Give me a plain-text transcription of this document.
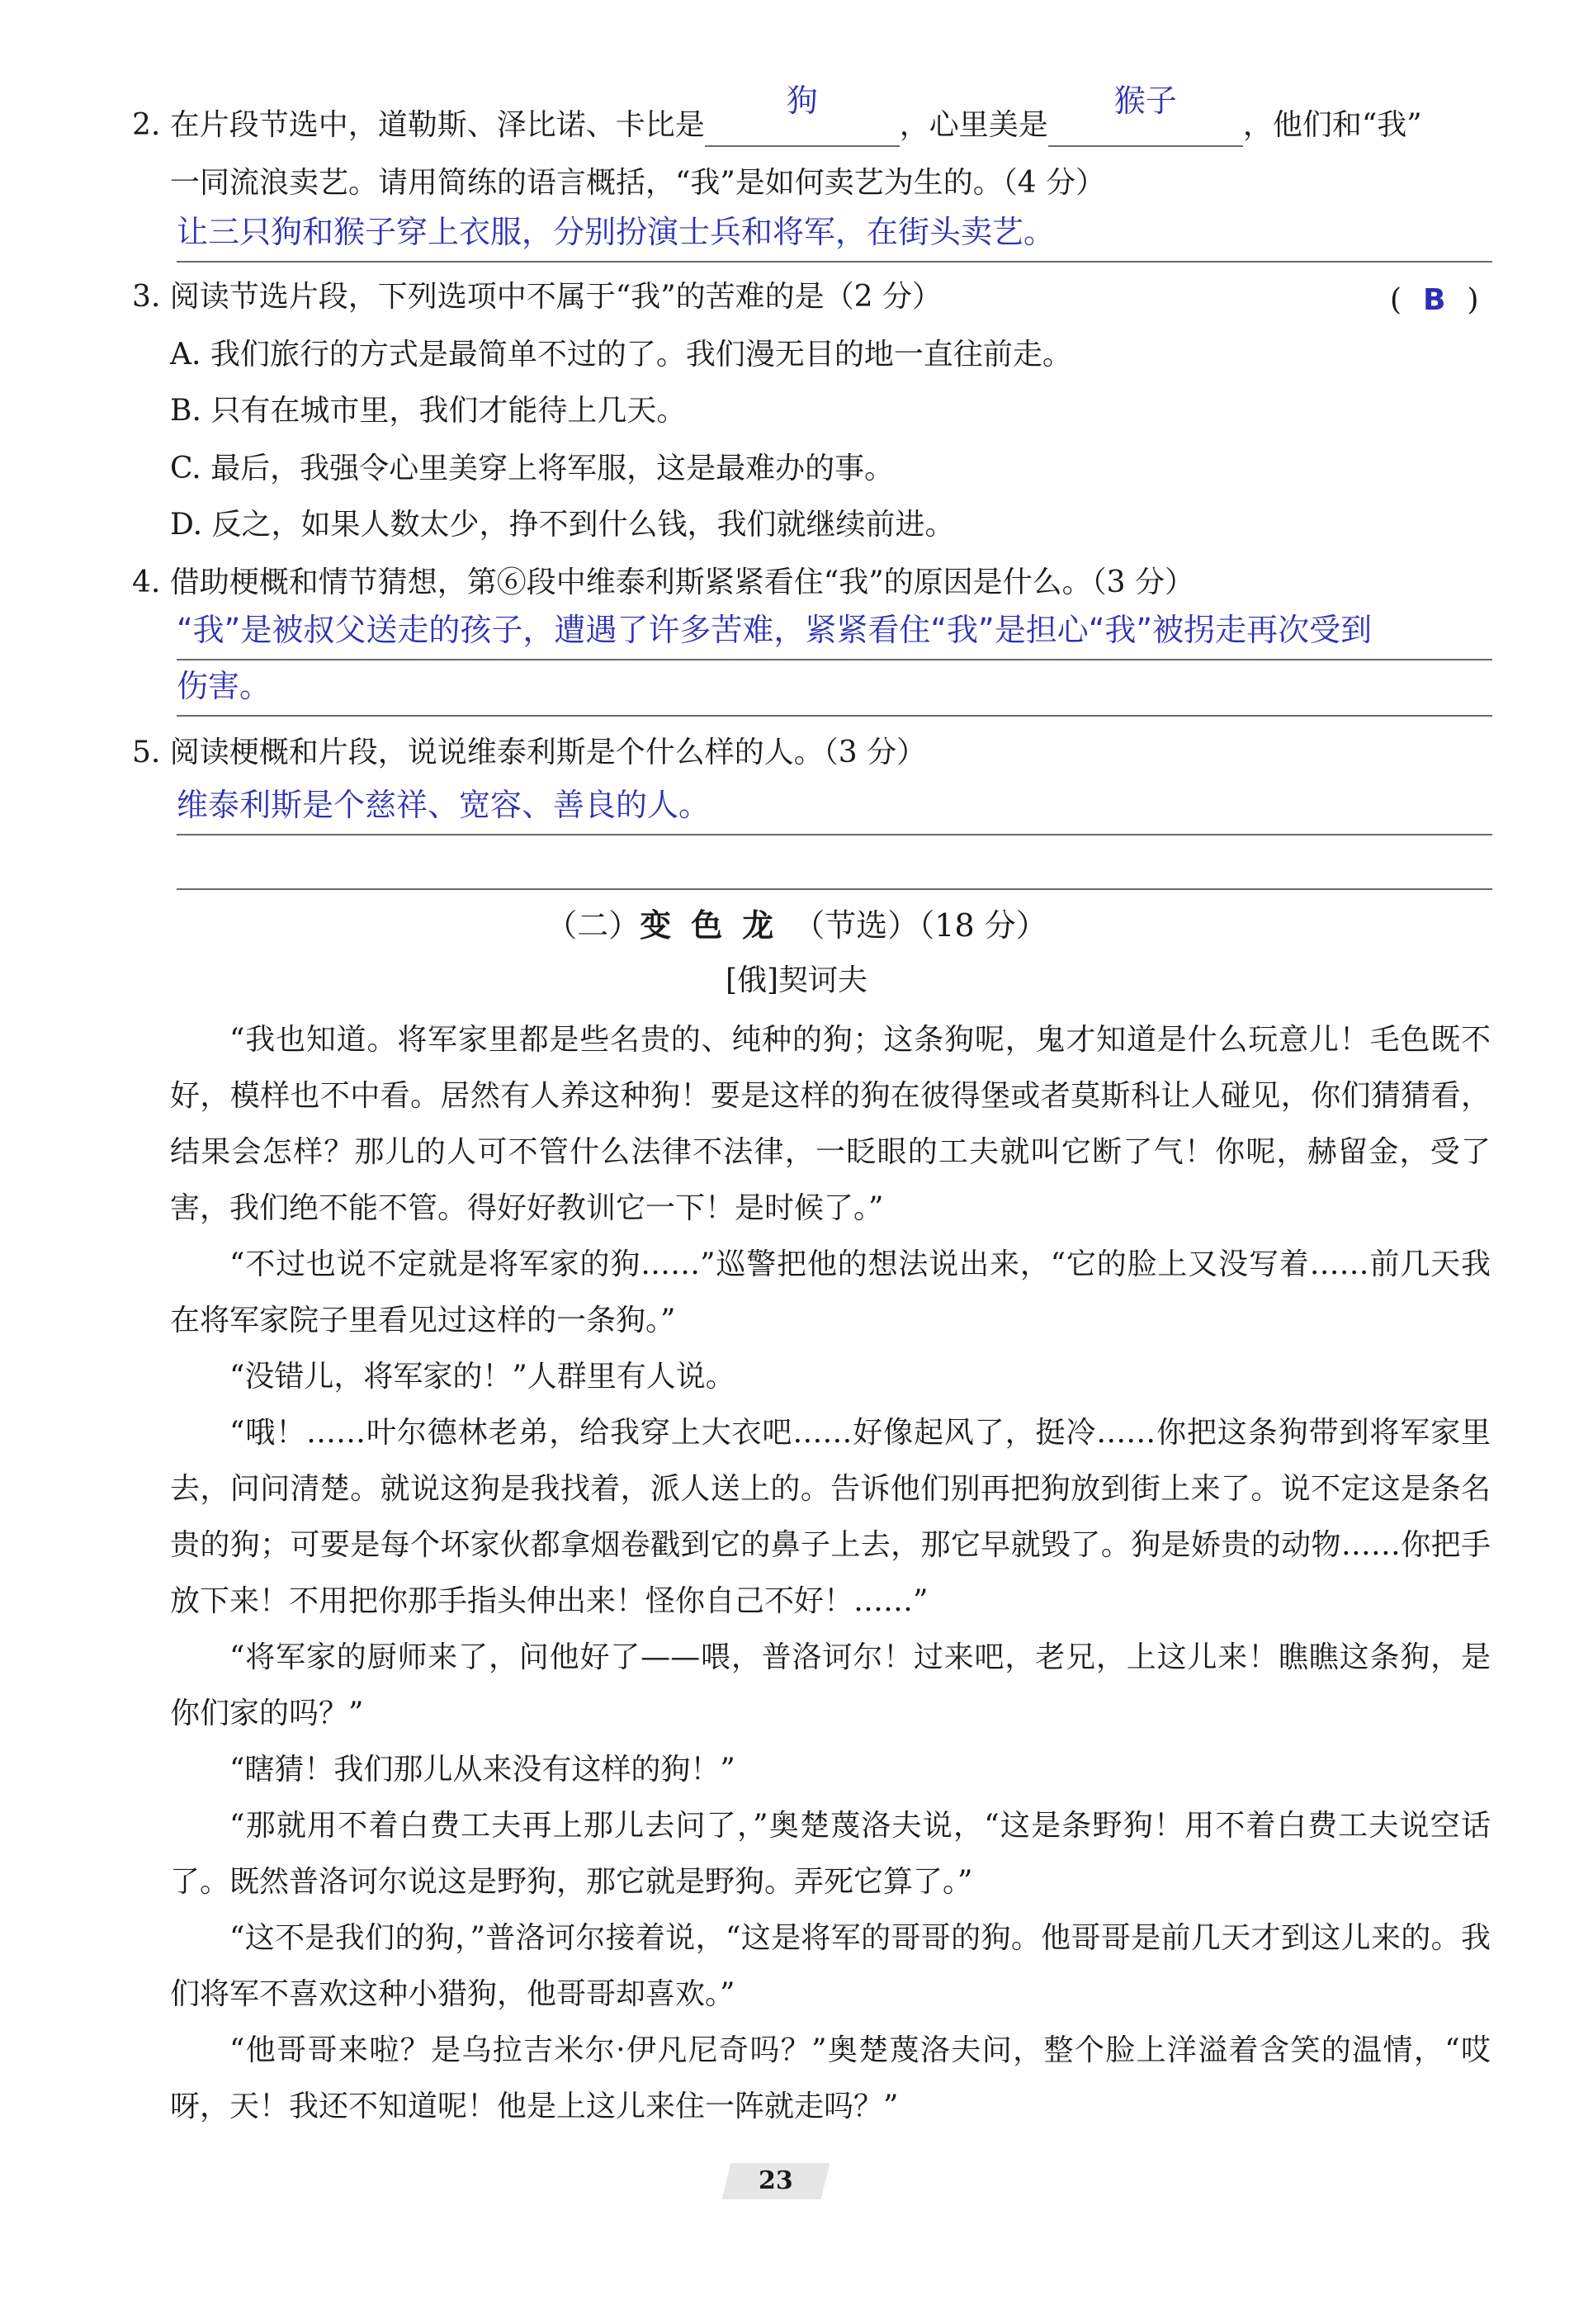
2. 在片段节选中，道勒斯、泽比诺、卡比是
狗
，心里美是
猴子
，他们和“我”
一同流浪卖艺。请用简练的语言概括，“我”是如何卖艺为生的。（4 分）
让三只狗和猴子穿上衣服，分别扮演士兵和将军，在街头卖艺。
3. 阅读节选片段，下列选项中不属于“我”的苦难的是（2 分）	( B )
A. 我们旅行的方式是最简单不过的了。我们漫无目的地一直往前走。
B. 只有在城市里，我们才能待上几天。
C. 最后，我强令心里美穿上将军服，这是最难办的事。
D. 反之，如果人数太少，挣不到什么钱，我们就继续前进。
4. 借助梗概和情节猜想，第⑥段中维泰利斯紧紧看住“我”的原因是什么。（3 分）
“我”是被叔父送走的孩子，遭遇了许多苦难，紧紧看住“我”是担心“我”被拐走再次受到
伤害。
5. 阅读梗概和片段，说说维泰利斯是个什么样的人。（3 分）
维泰利斯是个慈祥、宽容、善良的人。
（二）变色龙（节选）（18 分）
[俄]契诃夫

“我也知道。将军家里都是些名贵的、纯种的狗；这条狗呢，鬼才知道是什么玩意儿！毛色既不好，模样也不中看。居然有人养这种狗！要是这样的狗在彼得堡或者莫斯科让人碰见，你们猜猜看，结果会怎样？那儿的人可不管什么法律不法律，一眨眼的工夫就叫它断了气！你呢，赫留金，受了害，我们绝不能不管。得好好教训它一下！是时候了。”

“不过也说不定就是将军家的狗……”巡警把他的想法说出来，“它的脸上又没写着……前几天我在将军家院子里看见过这样的一条狗。”

“没错儿，将军家的！”人群里有人说。

“哦！……叶尔德林老弟，给我穿上大衣吧……好像起风了，挺冷……你把这条狗带到将军家里去，问问清楚。就说这狗是我找着，派人送上的。告诉他们别再把狗放到街上来了。说不定这是条名贵的狗；可要是每个坏家伙都拿烟卷戳到它的鼻子上去，那它早就毁了。狗是娇贵的动物……你把手放下来！不用把你那手指头伸出来！怪你自己不好！……”

“将军家的厨师来了，问他好了——喂，普洛诃尔！过来吧，老兄，上这儿来！瞧瞧这条狗，是你们家的吗？”

“瞎猜！我们那儿从来没有这样的狗！”

“那就用不着白费工夫再上那儿去问了，”奥楚蔑洛夫说，“这是条野狗！用不着白费工夫说空话了。既然普洛诃尔说这是野狗，那它就是野狗。弄死它算了。”

“这不是我们的狗，”普洛诃尔接着说，“这是将军的哥哥的狗。他哥哥是前几天才到这儿来的。我们将军不喜欢这种小猎狗，他哥哥却喜欢。”

“他哥哥来啦？是乌拉吉米尔·伊凡尼奇吗？”奥楚蔑洛夫问，整个脸上洋溢着含笑的温情，“哎呀，天！我还不知道呢！他是上这儿来住一阵就走吗？”

23
